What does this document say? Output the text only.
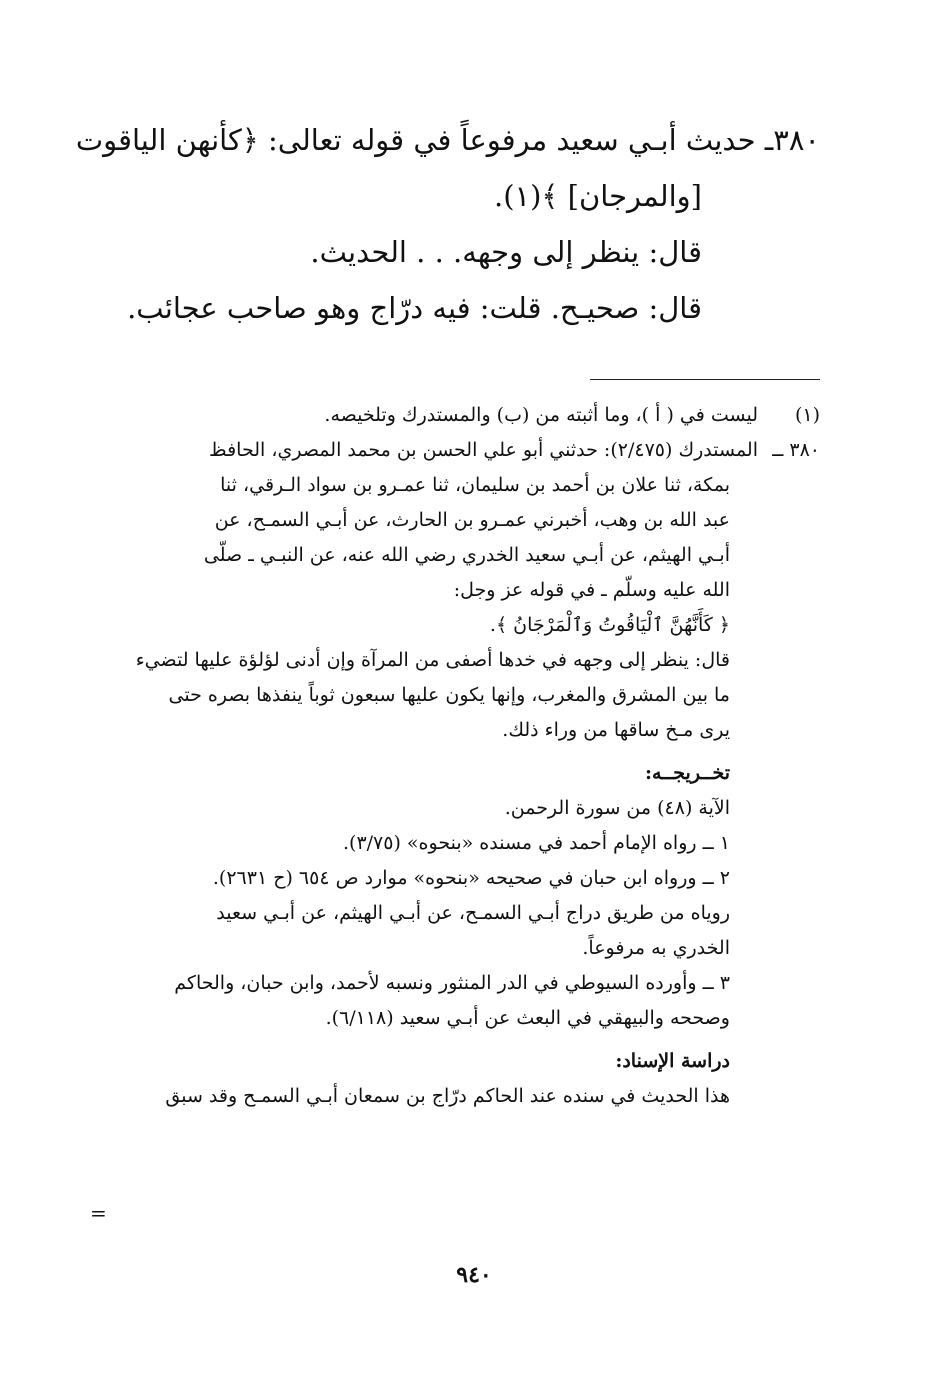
٣٨٠ـ حديث أبـي سعيد مرفوعاً في قوله تعالى: ﴿كأنهن الياقوت
[والمرجان] ﴾(١).
قال: ينظر إلى وجهه. . . الحديث.
قال: صحيـح. قلت: فيه درّاج وهو صاحب عجائب.
(١)ليست في ( أ )، وما أثبته من (ب) والمستدرك وتلخيصه.
٣٨٠ ــالمستدرك (٢/٤٧٥): حدثني أبو علي الحسن بن محمد المصري، الحافظ
بمكة، ثنا علان بن أحمد بن سليمان، ثنا عمـرو بن سواد الـرقي، ثنا
عبد الله بن وهب، أخبرني عمـرو بن الحارث، عن أبـي السمـح، عن
أبـي الهيثم، عن أبـي سعيد الخدري رضي الله عنه، عن النبـي ـ صلّى
الله عليه وسلّم ـ في قوله عز وجل:
﴿ كَأَنَّهُنَّ ٱلْيَاقُوتُ وَٱلْمَرْجَانُ ﴾.
قال: ينظر إلى وجهه في خدها أصفى من المرآة وإن أدنى لؤلؤة عليها لتضيء
ما بين المشرق والمغرب، وإنها يكون عليها سبعون ثوباً ينفذها بصره حتى
يرى مـخ ساقها من وراء ذلك.
تخــريجــه:
الآية (٤٨) من سورة الرحمن.
١ ــ رواه الإمام أحمد في مسنده «بنحوه» (٣/٧٥).
٢ ــ ورواه ابن حبان في صحيحه «بنحوه» موارد ص ٦٥٤ (ح ٢٦٣١).
روياه من طريق دراج أبـي السمـح، عن أبـي الهيثم، عن أبـي سعيد
الخدري به مرفوعاً.
٣ ــ وأورده السيوطي في الدر المنثور ونسبه لأحمد، وابن حبان، والحاكم
وصححه والبيهقي في البعث عن أبـي سعيد (٦/١١٨).
دراسة الإسناد:
هذا الحديث في سنده عند الحاكم درّاج بن سمعان أبـي السمـح وقد سبق
=
٩٤٠
